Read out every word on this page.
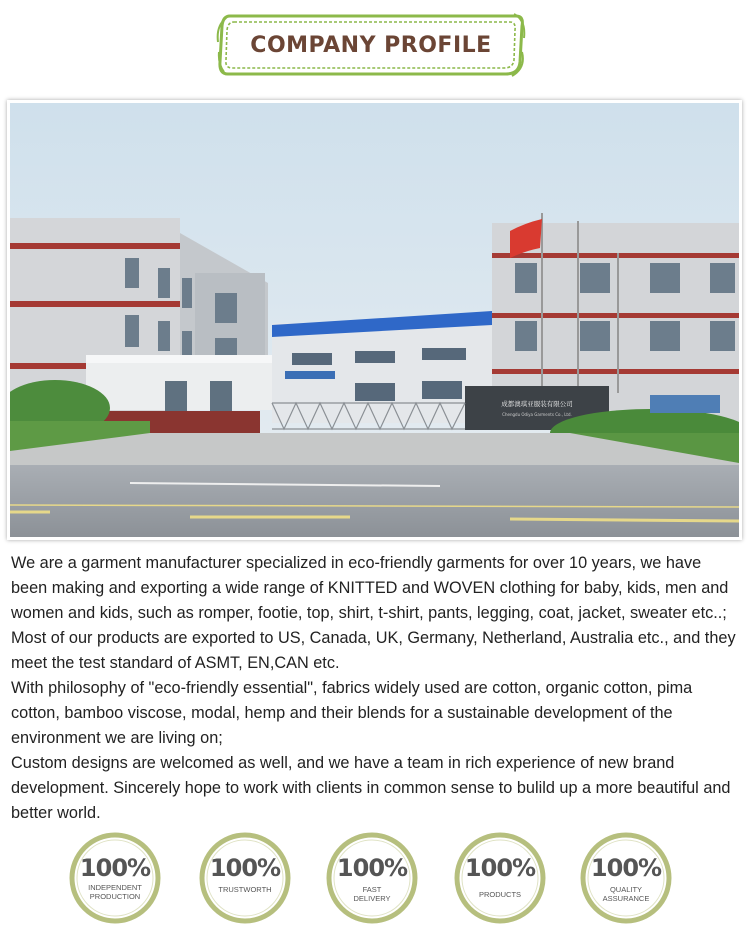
COMPANY PROFILE
成都澳琪亚服装有限公司
Chengdu Odiya Garments Co., Ltd.
We are a garment manufacturer specialized in eco-friendly garments for over 10 years, we have been making and exporting a wide range of KNITTED and WOVEN clothing for baby, kids, men and women and kids, such as romper, footie, top, shirt, t-shirt, pants, legging, coat, jacket, sweater etc..; Most of our products are exported to US, Canada, UK, Germany, Netherland, Australia etc., and they meet the test standard of ASMT, EN,CAN etc.
With philosophy of "eco-friendly essential", fabrics widely used are cotton, organic cotton, pima cotton, bamboo viscose, modal, hemp and their blends for a sustainable development of the environment we are living on;
Custom designs are welcomed as well, and we have a team in rich experience of new brand development. Sincerely hope to work with clients in common sense to bulild up a more beautiful and better world.
100%
INDEPENDENT
PRODUCTION
100%
TRUSTWORTH
100%
FAST
DELIVERY
100%
PRODUCTS
100%
QUALITY
ASSURANCE
